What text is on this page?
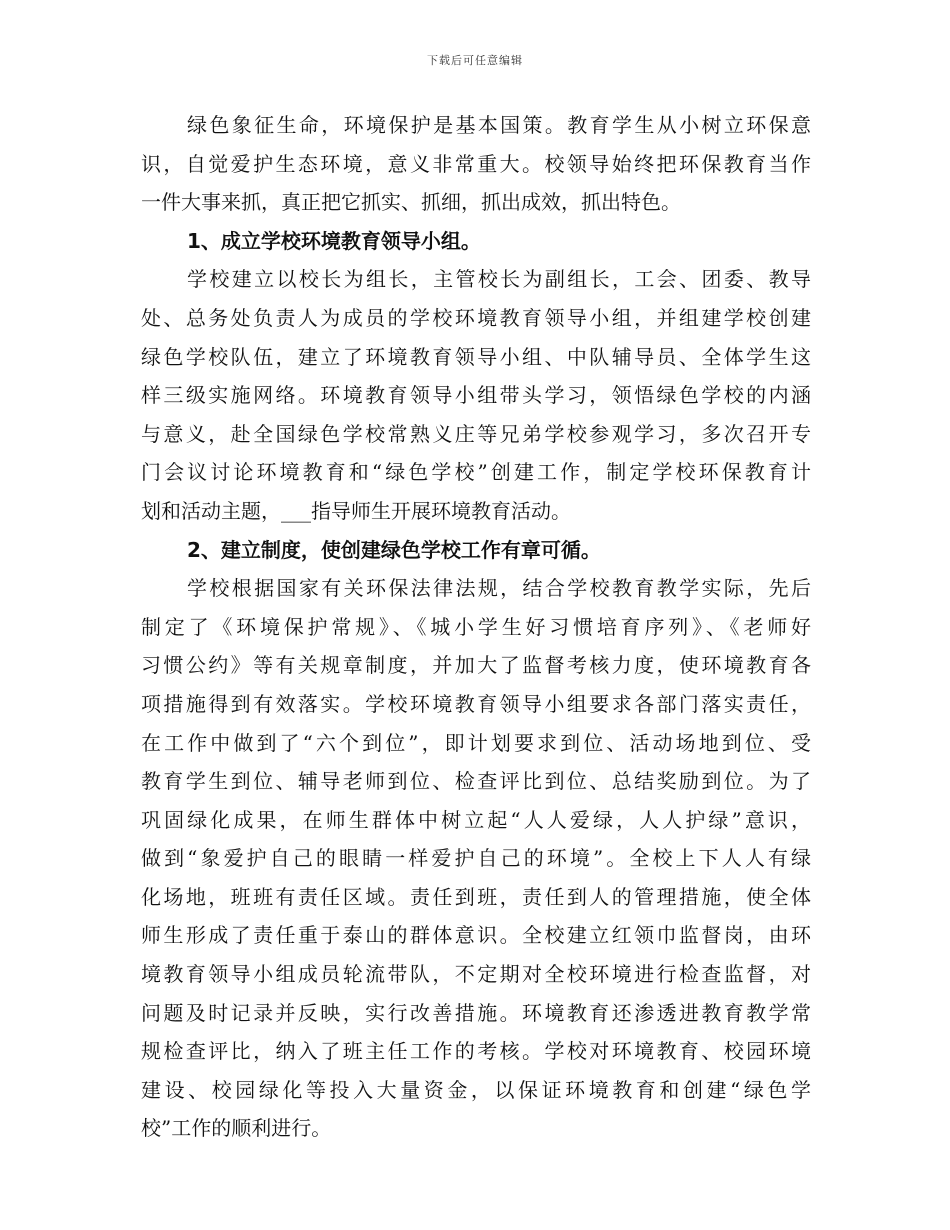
下载后可任意编辑
绿色象征生命，环境保护是基本国策。教育学生从小树立环保意
识，自觉爱护生态环境，意义非常重大。校领导始终把环保教育当作
一件大事来抓，真正把它抓实、抓细，抓出成效，抓出特色。
1、成立学校环境教育领导小组。
学校建立以校长为组长，主管校长为副组长，工会、团委、教导
处、总务处负责人为成员的学校环境教育领导小组，并组建学校创建
绿色学校队伍，建立了环境教育领导小组、中队辅导员、全体学生这
样三级实施网络。环境教育领导小组带头学习，领悟绿色学校的内涵
与意义，赴全国绿色学校常熟义庄等兄弟学校参观学习，多次召开专
门会议讨论环境教育和“绿色学校”创建工作，制定学校环保教育计
划和活动主题，___指导师生开展环境教育活动。
2、建立制度，使创建绿色学校工作有章可循。
学校根据国家有关环保法律法规，结合学校教育教学实际，先后
制定了《环境保护常规》、《城小学生好习惯培育序列》、《老师好
习惯公约》等有关规章制度，并加大了监督考核力度，使环境教育各
项措施得到有效落实。学校环境教育领导小组要求各部门落实责任，
在工作中做到了“六个到位”，即计划要求到位、活动场地到位、受
教育学生到位、辅导老师到位、检查评比到位、总结奖励到位。为了
巩固绿化成果，在师生群体中树立起“人人爱绿，人人护绿”意识，
做到“象爱护自己的眼睛一样爱护自己的环境”。全校上下人人有绿
化场地，班班有责任区域。责任到班，责任到人的管理措施，使全体
师生形成了责任重于泰山的群体意识。全校建立红领巾监督岗，由环
境教育领导小组成员轮流带队，不定期对全校环境进行检查监督，对
问题及时记录并反映，实行改善措施。环境教育还渗透进教育教学常
规检查评比，纳入了班主任工作的考核。学校对环境教育、校园环境
建设、校园绿化等投入大量资金，以保证环境教育和创建“绿色学
校”工作的顺利进行。
